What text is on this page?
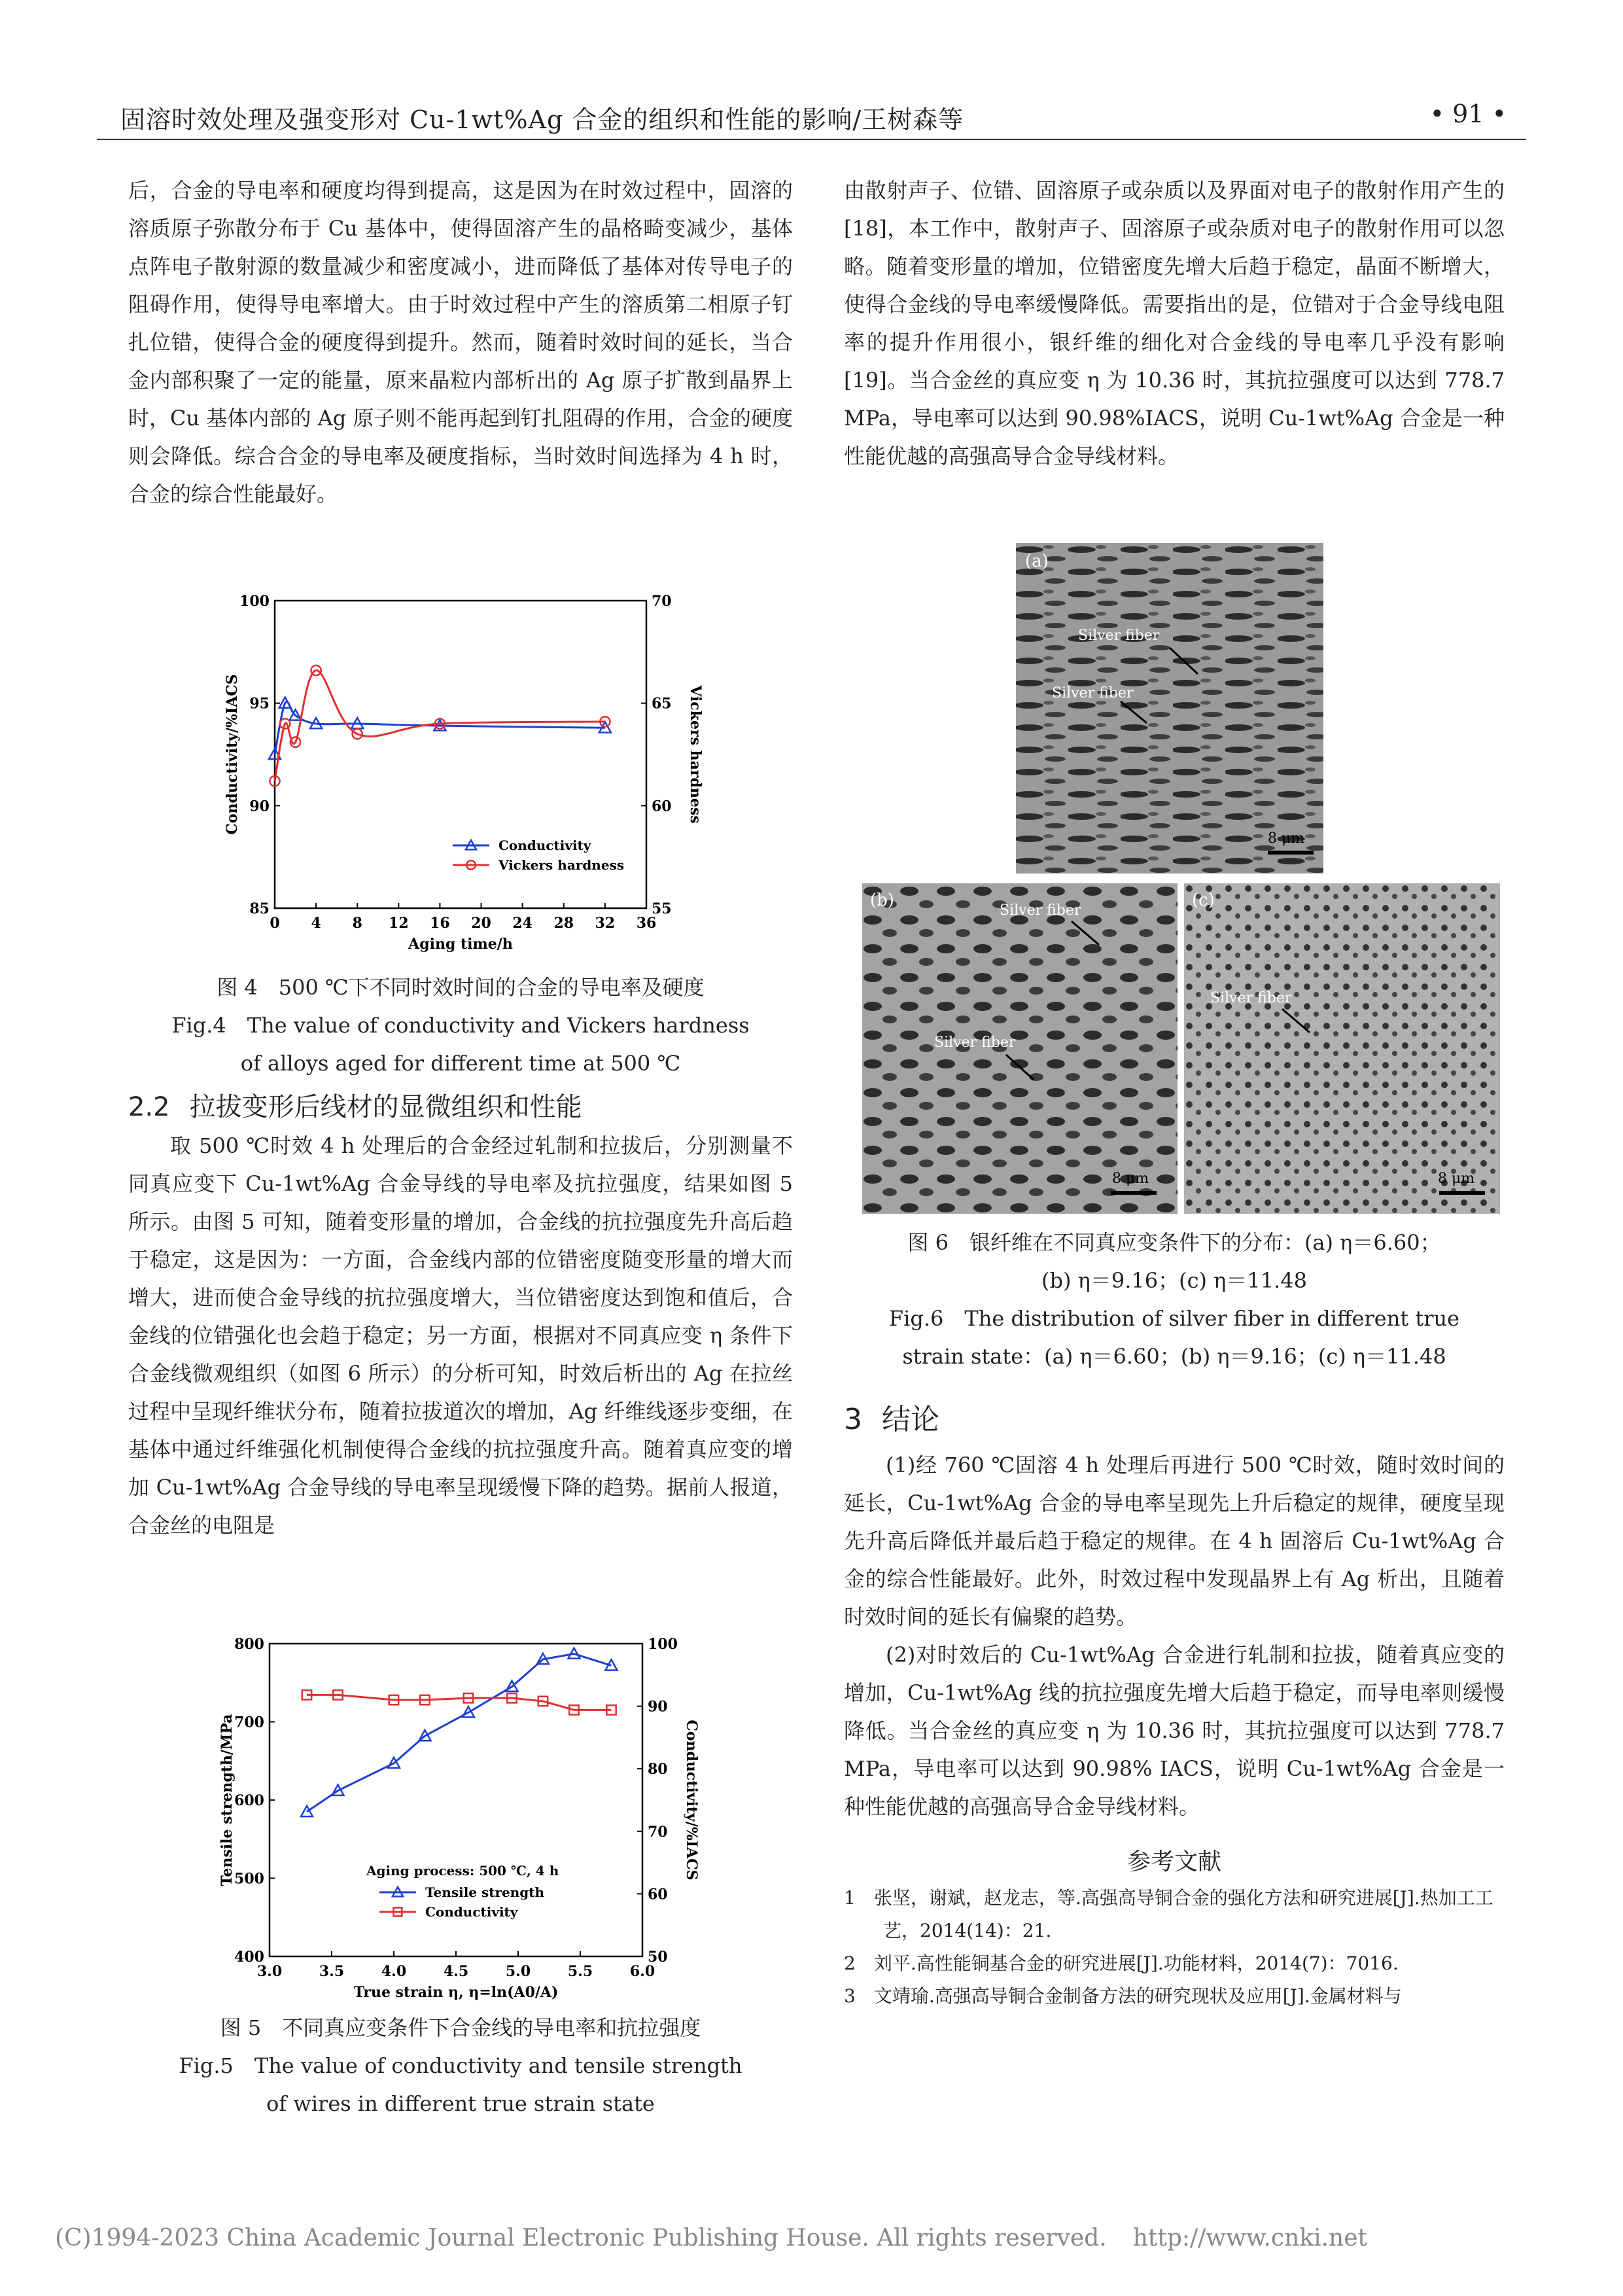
固溶时效处理及强变形对 Cu-1wt%Ag 合金的组织和性能的影响/王树森等	• 91 •

后，合金的导电率和硬度均得到提高，这是因为在时效过程中，固溶的溶质原子弥散分布于 Cu 基体中，使得固溶产生的晶格畸变减少，基体点阵电子散射源的数量减少和密度减小，进而降低了基体对传导电子的阻碍作用，使得导电率增大。由于时效过程中产生的溶质第二相原子钉扎位错，使得合金的硬度得到提升。然而，随着时效时间的延长，当合金内部积聚了一定的能量，原来晶粒内部析出的 Ag 原子扩散到晶界上时，Cu 基体内部的 Ag 原子则不能再起到钉扎阻碍的作用，合金的硬度则会降低。综合合金的导电率及硬度指标，当时效时间选择为 4 h 时，合金的综合性能最好。

0 4 8 12 16 20 24 28 32 36
85
90
95
100
55
60
65
70
Aging time/h
Conductivity/%IACS	Vickers hardness
Conductivity
Vickers hardness
图 4　500 ℃下不同时效时间的合金的导电率及硬度
Fig.4　The value of conductivity and Vickers hardness
of alloys aged for different time at 500 ℃
2.2 拉拔变形后线材的显微组织和性能

取 500 ℃时效 4 h 处理后的合金经过轧制和拉拔后，分别测量不同真应变下 Cu-1wt%Ag 合金导线的导电率及抗拉强度，结果如图 5 所示。由图 5 可知，随着变形量的增加，合金线的抗拉强度先升高后趋于稳定，这是因为：一方面，合金线内部的位错密度随变形量的增大而增大，进而使合金导线的抗拉强度增大，当位错密度达到饱和值后，合金线的位错强化也会趋于稳定；另一方面，根据对不同真应变 η 条件下合金线微观组织（如图 6 所示）的分析可知，时效后析出的 Ag 在拉丝过程中呈现纤维状分布，随着拉拔道次的增加，Ag 纤维线逐步变细，在基体中通过纤维强化机制使得合金线的抗拉强度升高。随着真应变的增加 Cu-1wt%Ag 合金导线的导电率呈现缓慢下降的趋势。据前人报道，合金丝的电阻是

3.0	3.5	4.0	4.5	5.0	5.5	6.0
400
500
600
700
800
50
60
70
80
90
100
True strain η, η=ln(A0/A)
Tensile strength/MPa	Conductivity/%IACS
Aging process: 500 ℃, 4 h
Tensile strength
Conductivity
图 5　不同真应变条件下合金线的导电率和抗拉强度
Fig.5　The value of conductivity and tensile strength
of wires in different true strain state

由散射声子、位错、固溶原子或杂质以及界面对电子的散射作用产生的[18]，本工作中，散射声子、固溶原子或杂质对电子的散射作用可以忽略。随着变形量的增加，位错密度先增大后趋于稳定，晶面不断增大，使得合金线的导电率缓慢降低。需要指出的是，位错对于合金导线电阻率的提升作用很小，银纤维的细化对合金线的导电率几乎没有影响[19]。当合金丝的真应变 η 为 10.36 时，其抗拉强度可以达到 778.7 MPa，导电率可以达到 90.98%IACS，说明 Cu-1wt%Ag 合金是一种性能优越的高强高导合金导线材料。

(a)
Silver fiber
Silver fiber
8 μm
(b)
Silver fiber
Silver fiber
8 μm
(c)
Silver fiber
8 μm
图 6　银纤维在不同真应变条件下的分布：(a) η＝6.60；
(b) η＝9.16；(c) η＝11.48
Fig.6　The distribution of silver fiber in different true
strain state：(a) η＝6.60；(b) η＝9.16；(c) η＝11.48
3 结论

(1)经 760 ℃固溶 4 h 处理后再进行 500 ℃时效，随时效时间的延长，Cu-1wt%Ag 合金的导电率呈现先上升后稳定的规律，硬度呈现先升高后降低并最后趋于稳定的规律。在 4 h 固溶后 Cu-1wt%Ag 合金的综合性能最好。此外，时效过程中发现晶界上有 Ag 析出，且随着时效时间的延长有偏聚的趋势。

(2)对时效后的 Cu-1wt%Ag 合金进行轧制和拉拔，随着真应变的增加，Cu-1wt%Ag 线的抗拉强度先增大后趋于稳定，而导电率则缓慢降低。当合金丝的真应变 η 为 10.36 时，其抗拉强度可以达到 778.7 MPa，导电率可以达到 90.98% IACS，说明 Cu-1wt%Ag 合金是一种性能优越的高强高导合金导线材料。

参考文献
1　张坚，谢斌，赵龙志，等.高强高导铜合金的强化方法和研究进展[J].热加工工艺，2014(14)：21.
2　刘平.高性能铜基合金的研究进展[J].功能材料，2014(7)：7016.
3　文靖瑜.高强高导铜合金制备方法的研究现状及应用[J].金属材料与
(C)1994-2023 China Academic Journal Electronic Publishing House. All rights reserved. http://www.cnki.net
